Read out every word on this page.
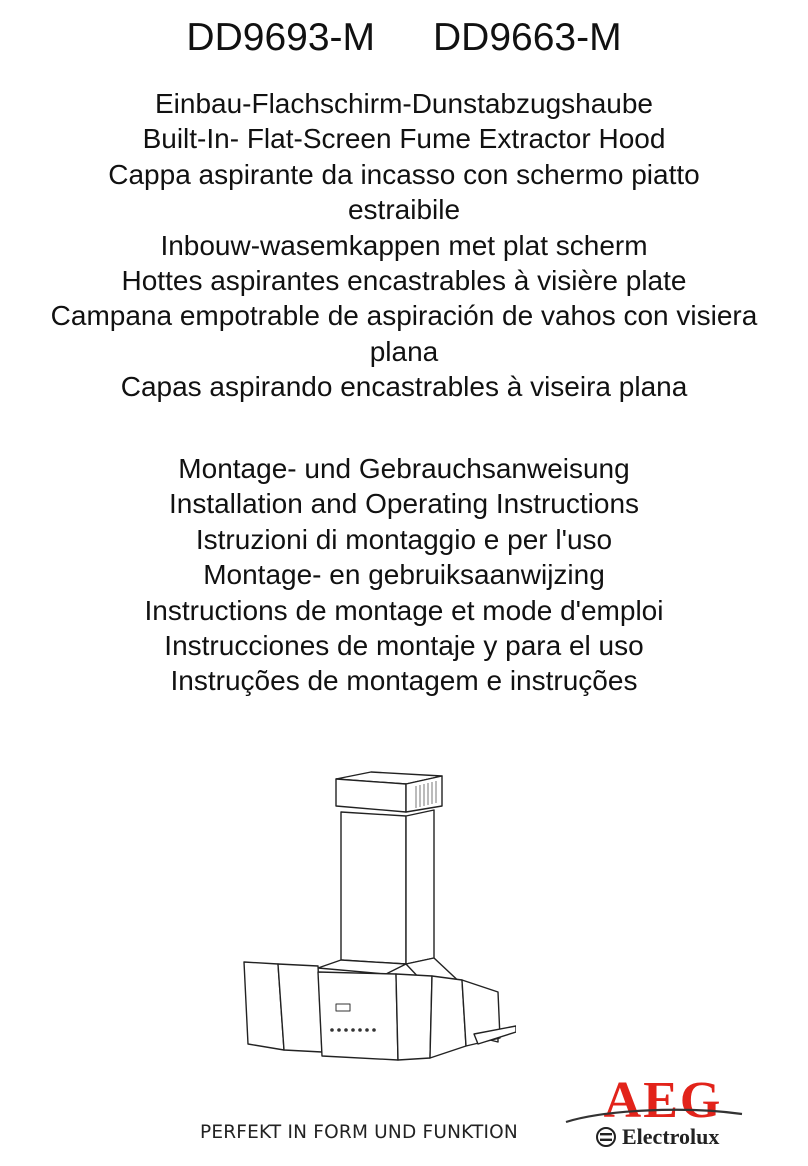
DD9693-M DD9663-M
Einbau-Flachschirm-Dunstabzugshaube
Built-In- Flat-Screen Fume Extractor Hood
Cappa aspirante da incasso con schermo piatto estraibile
Inbouw-wasemkappen met plat scherm
Hottes aspirantes encastrables à visière plate
Campana empotrable de aspiración de vahos con visiera plana
Capas aspirando encastrables à viseira plana
Montage- und Gebrauchsanweisung
Installation and Operating Instructions
Istruzioni di montaggio e per l'uso
Montage- en gebruiksaanwijzing
Instructions de montage et mode d'emploi
Instrucciones de montaje y para el uso
Instruções de montagem e instruções
AEG
PERFEKT IN FORM UND FUNKTION	Electrolux
